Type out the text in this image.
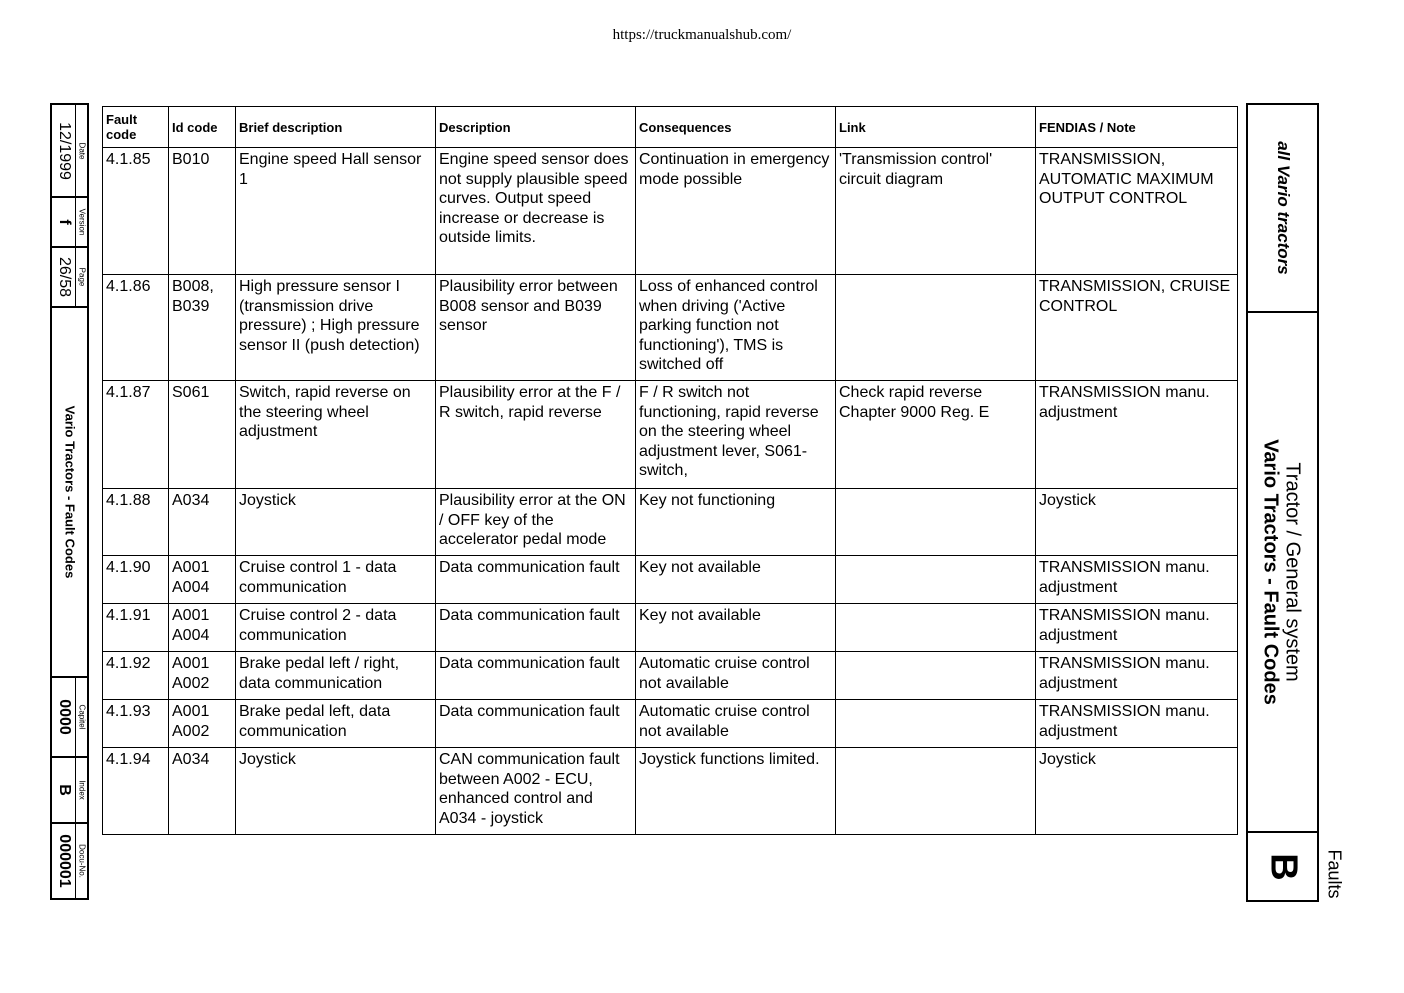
https://truckmanualshub.com/
12/1999 Date
f Version
26/58 Page
Vario Tractors - Fault Codes
0000 Capitel
B Index
000001 Docu-No.
Fault code	Id code	Brief description	Description	Consequences	Link	FENDIAS / Note
4.1.85	B010	Engine speed Hall sensor 1	Engine speed sensor does not supply plausible speed curves. Output speed increase or decrease is outside limits.	Continuation in emergency mode possible	'Transmission control' circuit diagram	TRANSMISSION, AUTOMATIC MAXIMUM OUTPUT CONTROL
4.1.86	B008, B039	High pressure sensor I (transmission drive pressure) ; High pressure sensor II (push detection)	Plausibility error between B008 sensor and B039 sensor	Loss of enhanced control when driving ('Active parking function not functioning'), TMS is switched off		TRANSMISSION, CRUISE CONTROL
4.1.87	S061	Switch, rapid reverse on the steering wheel adjustment	Plausibility error at the F / R switch, rapid reverse	F / R switch not functioning, rapid reverse on the steering wheel adjustment lever, S061- switch,	Check rapid reverse Chapter 9000 Reg. E	TRANSMISSION manu. adjustment
4.1.88	A034	Joystick	Plausibility error at the ON / OFF key of the accelerator pedal mode	Key not functioning		Joystick
4.1.90	A001 A004	Cruise control 1 - data communication	Data communication fault	Key not available		TRANSMISSION manu. adjustment
4.1.91	A001 A004	Cruise control 2 - data communication	Data communication fault	Key not available		TRANSMISSION manu. adjustment
4.1.92	A001 A002	Brake pedal left / right, data communication	Data communication fault	Automatic cruise control not available		TRANSMISSION manu. adjustment
4.1.93	A001 A002	Brake pedal left, data communication	Data communication fault	Automatic cruise control not available		TRANSMISSION manu. adjustment
4.1.94	A034	Joystick	CAN communication fault between A002 - ECU, enhanced control and A034 - joystick	Joystick functions limited.		Joystick
all Vario tractors
Tractor / General system
Vario Tractors - Fault Codes
B Faults
